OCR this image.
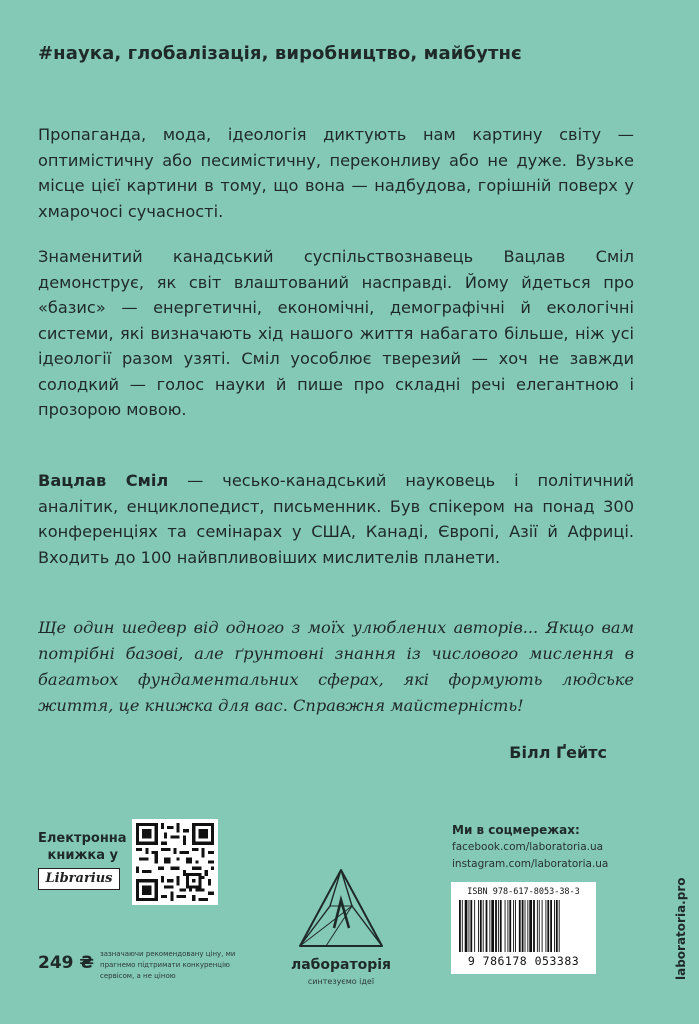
#наука, глобалізація, виробництво, майбутнє

Пропаганда, мода, ідеологія диктують нам картину світу — оптимістичну або песимістичну, переконливу або не дуже. Вузьке місце цієї картини в тому, що вона — надбудова, горішній поверх у хмарочосі сучасності.

Знаменитий канадський суспільствознавець Вацлав Сміл демонструє, як світ влаштований насправді. Йому йдеться про «базис» — енергетичні, економічні, демографічні й екологічні системи, які визначають хід нашого життя набагато більше, ніж усі ідеології разом узяті. Сміл уособлює тверезий — хоч не завжди солодкий — голос науки й пише про складні речі елегантною і прозорою мовою.

Вацлав Сміл — чесько-канадський науковець і політичний аналітик, енциклопедист, письменник. Був спікером на понад 300 конференціях та семінарах у США, Канаді, Європі, Азії й Африці. Входить до 100 найвпливовіших мислителів планети.

Ще один шедевр від одного з моїх улюблених авторів... Якщо вам потрібні базові, але ґрунтовні знання із числового мислення в багатьох фундаментальних сферах, які формують людське життя, це книжка для вас. Справжня майстерність!

Білл Ґейтс
Електронна
книжка у
Librarius
249 ₴ зазначаючи рекомендовану ціну, ми прагнемо підтримати конкуренцію сервісом, а не ціною
лабораторія
синтезуємо ідеї
Ми в соцмережах:
facebook.com/laboratoria.ua
instagram.com/laboratoria.ua
ISBN 978-617-8053-38-3
9 786178 053383	laboratoria.pro
